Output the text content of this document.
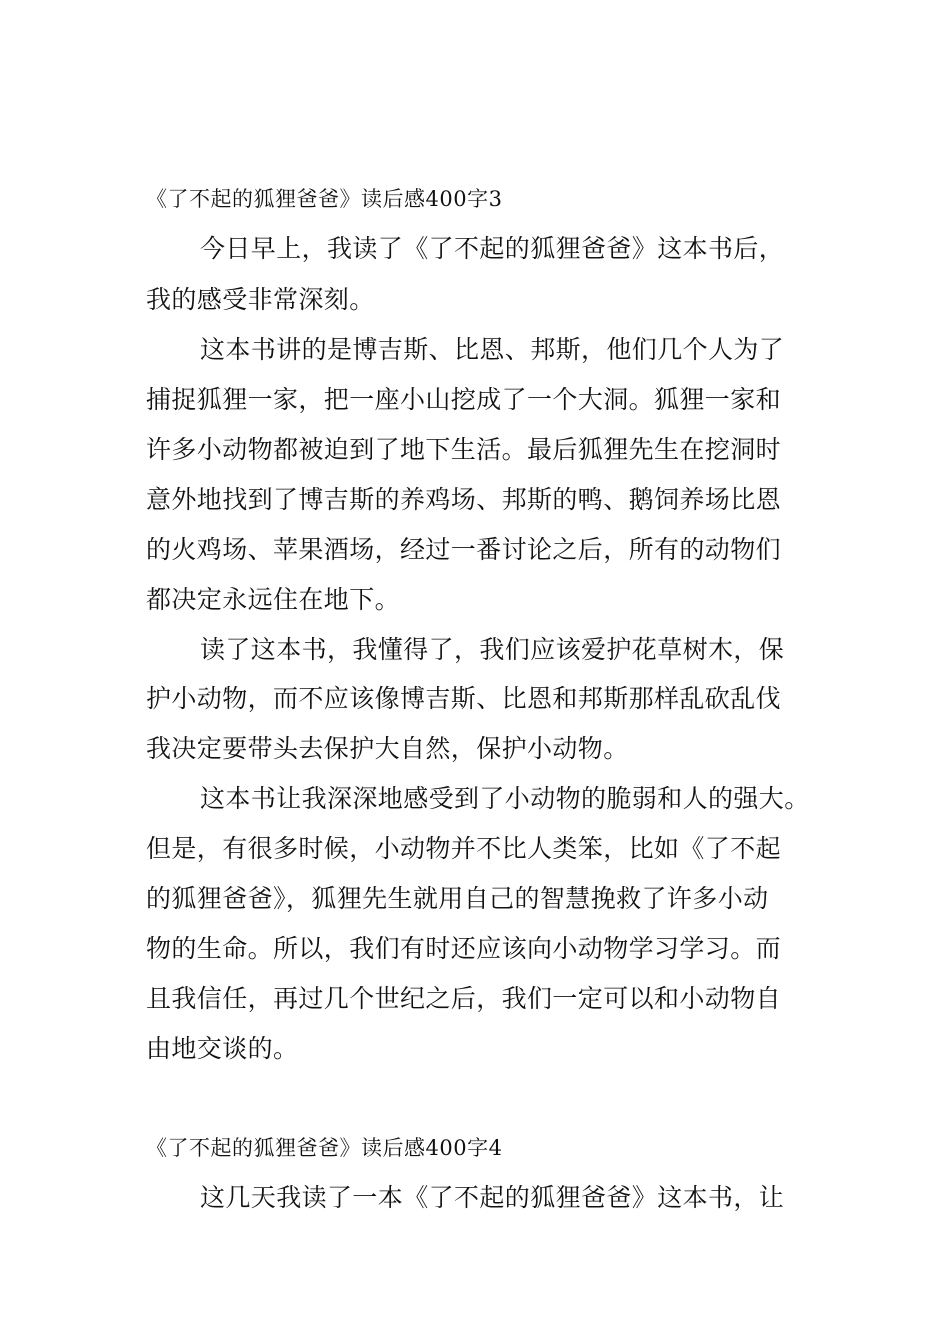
《了不起的狐狸爸爸》读后感400字3
今日早上，我读了《了不起的狐狸爸爸》这本书后，
我的感受非常深刻。
这本书讲的是博吉斯、比恩、邦斯，他们几个人为了
捕捉狐狸一家，把一座小山挖成了一个大洞。狐狸一家和
许多小动物都被迫到了地下生活。最后狐狸先生在挖洞时
意外地找到了博吉斯的养鸡场、邦斯的鸭、鹅饲养场比恩
的火鸡场、苹果酒场，经过一番讨论之后，所有的动物们
都决定永远住在地下。
读了这本书，我懂得了，我们应该爱护花草树木，保
护小动物，而不应该像博吉斯、比恩和邦斯那样乱砍乱伐
我决定要带头去保护大自然，保护小动物。
这本书让我深深地感受到了小动物的脆弱和人的强大。
但是，有很多时候，小动物并不比人类笨，比如《了不起
的狐狸爸爸》，狐狸先生就用自己的智慧挽救了许多小动
物的生命。所以，我们有时还应该向小动物学习学习。而
且我信任，再过几个世纪之后，我们一定可以和小动物自
由地交谈的。
《了不起的狐狸爸爸》读后感400字4
这几天我读了一本《了不起的狐狸爸爸》这本书，让
